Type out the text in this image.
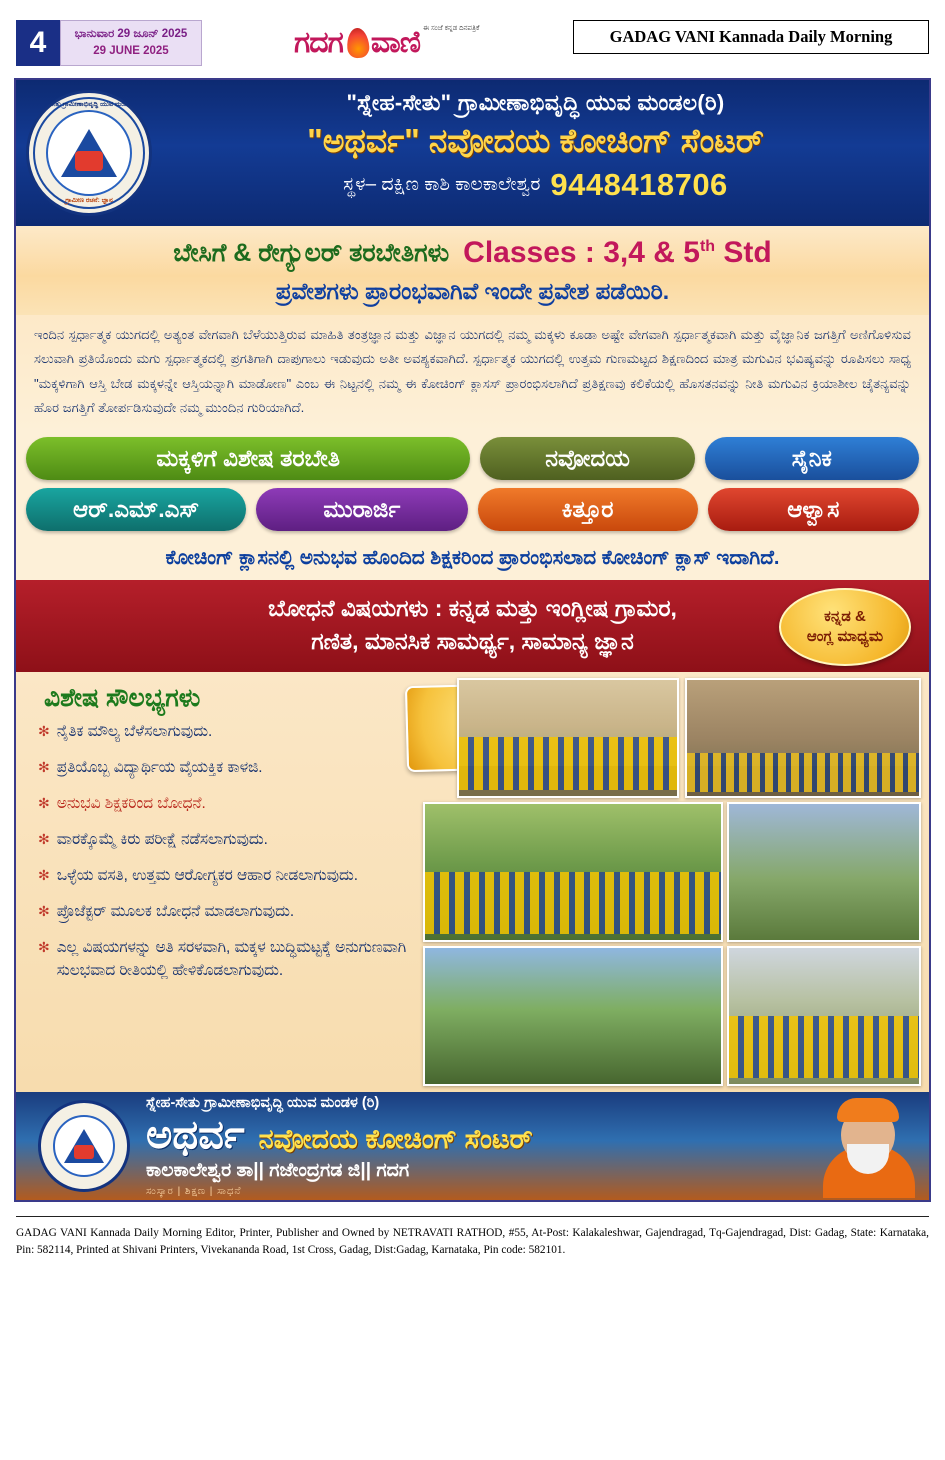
4	ಭಾನುವಾರ 29 ಜೂನ್ 2025
29 JUNE 2025	ಗದಗ ವಾಣಿ ಈ ಸಂಜೆ ಕನ್ನಡ ದಿನಪತ್ರಿಕೆ	GADAG VANI Kannada Daily Morning
ಸ್ನೇಹ-ಸೇತು ಗ್ರಾಮೀಣಾಭಿವೃದ್ಧಿ ಯುವ ಮಂಡಳ (ರಿ)
ಗ್ರಾಮೀಣ ರಚನೆ: ಜ್ಞಾನ
"ಸ್ನೇಹ-ಸೇತು" ಗ್ರಾಮೀಣಾಭಿವೃದ್ಧಿ ಯುವ ಮಂಡಲ(ರಿ)
"ಅಥರ್ವ" ನವೋದಯ ಕೋಚಿಂಗ್ ಸೆಂಟರ್
ಸ್ಥಳ– ದಕ್ಷಿಣ ಕಾಶಿ ಕಾಲಕಾಲೇಶ್ವರ 9448418706
ಬೇಸಿಗೆ & ರೇಗ್ಯುಲರ್ ತರಬೇತಿಗಳು Classes : 3,4 & 5th Std
ಪ್ರವೇಶಗಳು ಪ್ರಾರಂಭವಾಗಿವೆ ಇಂದೇ ಪ್ರವೇಶ ಪಡೆಯಿರಿ.
ಇಂದಿನ ಸ್ಪರ್ಧಾತ್ಮಕ ಯುಗದಲ್ಲಿ ಅತ್ಯಂತ ವೇಗವಾಗಿ ಬೆಳೆಯುತ್ತಿರುವ ಮಾಹಿತಿ ತಂತ್ರಜ್ಞಾನ ಮತ್ತು ವಿಜ್ಞಾನ ಯುಗದಲ್ಲಿ ನಮ್ಮ ಮಕ್ಕಳು ಕೂಡಾ ಅಷ್ಟೇ ವೇಗವಾಗಿ ಸ್ಪರ್ಧಾತ್ಮಕವಾಗಿ ಮತ್ತು ವೈಜ್ಞಾನಿಕ ಜಗತ್ತಿಗೆ ಅಣಿಗೊಳಿಸುವ ಸಲುವಾಗಿ ಪ್ರತಿಯೊಂದು ಮಗು ಸ್ಪರ್ಧಾತ್ಮಕದಲ್ಲಿ ಪ್ರಗತಿಗಾಗಿ ದಾಪುಗಾಲು ಇಡುವುದು ಅತೀ ಅವಶ್ಯಕವಾಗಿದೆ. ಸ್ಪರ್ಧಾತ್ಮಕ ಯುಗದಲ್ಲಿ ಉತ್ತಮ ಗುಣಮಟ್ಟದ ಶಿಕ್ಷಣದಿಂದ ಮಾತ್ರ ಮಗುವಿನ ಭವಿಷ್ಯವನ್ನು ರೂಪಿಸಲು ಸಾಧ್ಯ "ಮಕ್ಕಳಿಗಾಗಿ ಆಸ್ತಿ ಬೇಡ ಮಕ್ಕಳನ್ನೇ ಆಸ್ತಿಯನ್ನಾಗಿ ಮಾಡೋಣ" ಎಂಬ ಈ ನಿಟ್ಟನಲ್ಲಿ ನಮ್ಮ ಈ ಕೋಚಿಂಗ್ ಕ್ಲಾಸಸ್ ಪ್ರಾರಂಭಿಸಲಾಗಿದೆ ಪ್ರತಿಕ್ಷಣವು ಕಲಿಕೆಯಲ್ಲಿ ಹೊಸತನವನ್ನು ನೀತಿ ಮಗುವಿನ ಕ್ರಿಯಾಶೀಲ ಚೈತನ್ಯವನ್ನು ಹೊರ ಜಗತ್ತಿಗೆ ತೋರ್ಪಡಿಸುವುದೇ ನಮ್ಮ ಮುಂದಿನ ಗುರಿಯಾಗಿದೆ.
ಮಕ್ಕಳಿಗೆ ವಿಶೇಷ ತರಬೇತಿ	ನವೋದಯ	ಸೈನಿಕ
ಆರ್.ಎಮ್.ಎಸ್	ಮುರಾರ್ಜಿ	ಕಿತ್ತೂರ	ಆಳ್ವಾಸ
ಕೋಚಿಂಗ್ ಕ್ಲಾಸನಲ್ಲಿ ಅನುಭವ ಹೊಂದಿದ ಶಿಕ್ಷಕರಿಂದ ಪ್ರಾರಂಭಿಸಲಾದ ಕೋಚಿಂಗ್ ಕ್ಲಾಸ್ ಇದಾಗಿದೆ.
ಬೋಧನೆ ವಿಷಯಗಳು : ಕನ್ನಡ ಮತ್ತು ಇಂಗ್ಲೀಷ ಗ್ರಾಮರ,
ಗಣಿತ, ಮಾನಸಿಕ ಸಾಮರ್ಥ್ಯ, ಸಾಮಾನ್ಯ ಜ್ಞಾನ
ಕನ್ನಡ &
ಆಂಗ್ಲ ಮಾಧ್ಯಮ
ವಿಶೇಷ ಸೌಲಭ್ಯಗಳು
✻ ನೈತಿಕ ಮೌಲ್ಯ ಬೆಳೆಸಲಾಗುವುದು.
✻ ಪ್ರತಿಯೊಬ್ಬ ವಿದ್ಯಾರ್ಥಿಯ ವೈಯಕ್ತಿಕ ಕಾಳಜಿ.
✻ ಅನುಭವಿ ಶಿಕ್ಷಕರಿಂದ ಬೋಧನೆ.
✻ ವಾರಕ್ಕೊಮ್ಮೆ ಕಿರು ಪರೀಕ್ಷೆ ನಡೆಸಲಾಗುವುದು.
✻ ಒಳ್ಳೆಯ ವಸತಿ, ಉತ್ತಮ ಆರೋಗ್ಯಕರ ಆಹಾರ ನೀಡಲಾಗುವುದು.
✻ ಪ್ರೊಜೆಕ್ಟರ್ ಮೂಲಕ ಬೋಧನೆ ಮಾಡಲಾಗುವುದು.
✻ ಎಲ್ಲ ವಿಷಯಗಳನ್ನು ಅತಿ ಸರಳವಾಗಿ, ಮಕ್ಕಳ ಬುದ್ಧಿಮಟ್ಟಕ್ಕೆ ಅನುಗುಣವಾಗಿ ಸುಲಭವಾದ ರೀತಿಯಲ್ಲಿ ಹೇಳಿಕೊಡಲಾಗುವುದು.
ಸ್ನೇಹ-ಸೇತು ಗ್ರಾಮೀಣಾಭಿವೃದ್ಧಿ ಯುವ ಮಂಡಳ (ರಿ)
ಅಥರ್ವ ನವೋದಯ ಕೋಚಿಂಗ್ ಸೆಂಟರ್
ಕಾಲಕಾಲೇಶ್ವರ ತಾ|| ಗಜೇಂದ್ರಗಡ ಜಿ|| ಗದಗ
ಸಂಸ್ಕಾರ | ಶಿಕ್ಷಣ | ಸಾಧನೆ
GADAG VANI Kannada Daily Morning Editor, Printer, Publisher and Owned by NETRAVATI RATHOD, #55, At-Post: Kalakaleshwar, Gajendragad, Tq-Gajendragad, Dist: Gadag, State: Karnataka, Pin: 582114, Printed at Shivani Printers, Vivekananda Road, 1st Cross, Gadag, Dist:Gadag, Karnataka, Pin code: 582101.
